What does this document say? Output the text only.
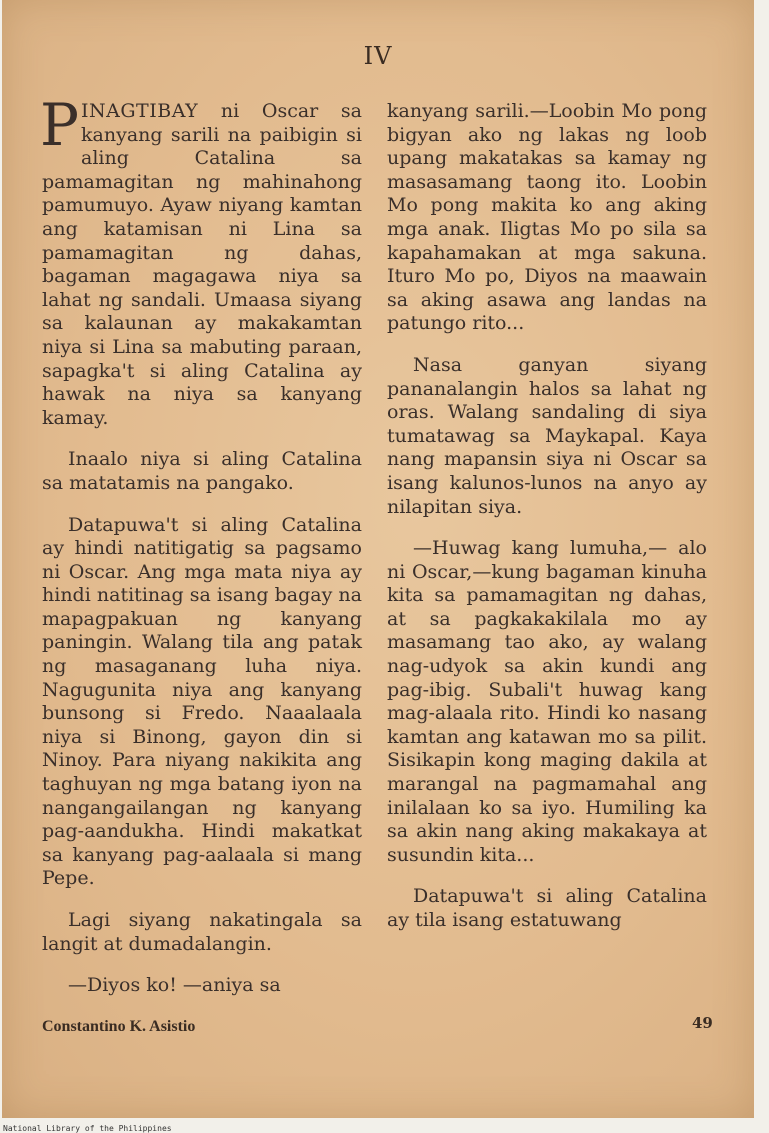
IV

PINAGTIBAY ni Oscar sa kanyang sarili na paibigin si aling Catalina sa pamamagitan ng mahinahong pamumuyo. Ayaw niyang kamtan ang katamisan ni Lina sa pamamagitan ng dahas, bagaman magagawa niya sa lahat ng sandali. Umaasa siyang sa kalaunan ay makakamtan niya si Lina sa mabuting paraan, sapagka't si aling Catalina ay hawak na niya sa kanyang kamay.

Inaalo niya si aling Catalina sa matatamis na pangako.

Datapuwa't si aling Catalina ay hindi natitigatig sa pagsamo ni Oscar. Ang mga mata niya ay hindi natitinag sa isang bagay na mapagpakuan ng kanyang paningin. Walang tila ang patak ng masaganang luha niya. Nagugunita niya ang kanyang bunsong si Fredo. Naaalaala niya si Binong, gayon din si Ninoy. Para niyang nakikita ang taghuyan ng mga batang iyon na nangangailangan ng kanyang pag-aandukha. Hindi makatkat sa kanyang pag-aalaala si mang Pepe.

Lagi siyang nakatingala sa langit at dumadalangin.

—Diyos ko! —aniya sa

kanyang sarili.—Loobin Mo pong bigyan ako ng lakas ng loob upang makatakas sa kamay ng masasamang taong ito. Loobin Mo pong makita ko ang aking mga anak. Iligtas Mo po sila sa kapahamakan at mga sakuna. Ituro Mo po, Diyos na maawain sa aking asawa ang landas na patungo rito...

Nasa ganyan siyang pananalangin halos sa lahat ng oras. Walang sandaling di siya tumatawag sa Maykapal. Kaya nang mapansin siya ni Oscar sa isang kalunos-lunos na anyo ay nilapitan siya.

—Huwag kang lumuha,— alo ni Oscar,—kung bagaman kinuha kita sa pamamagitan ng dahas, at sa pagkakakilala mo ay masamang tao ako, ay walang nag-udyok sa akin kundi ang pag-ibig. Subali't huwag kang mag-alaala rito. Hindi ko nasang kamtan ang katawan mo sa pilit. Sisikapin kong maging dakila at marangal na pagmamahal ang inilalaan ko sa iyo. Humiling ka sa akin nang aking makakaya at susundin kita...

Datapuwa't si aling Catalina ay tila isang estatuwang

Constantino K. Asistio	49
National Library of the Philippines
